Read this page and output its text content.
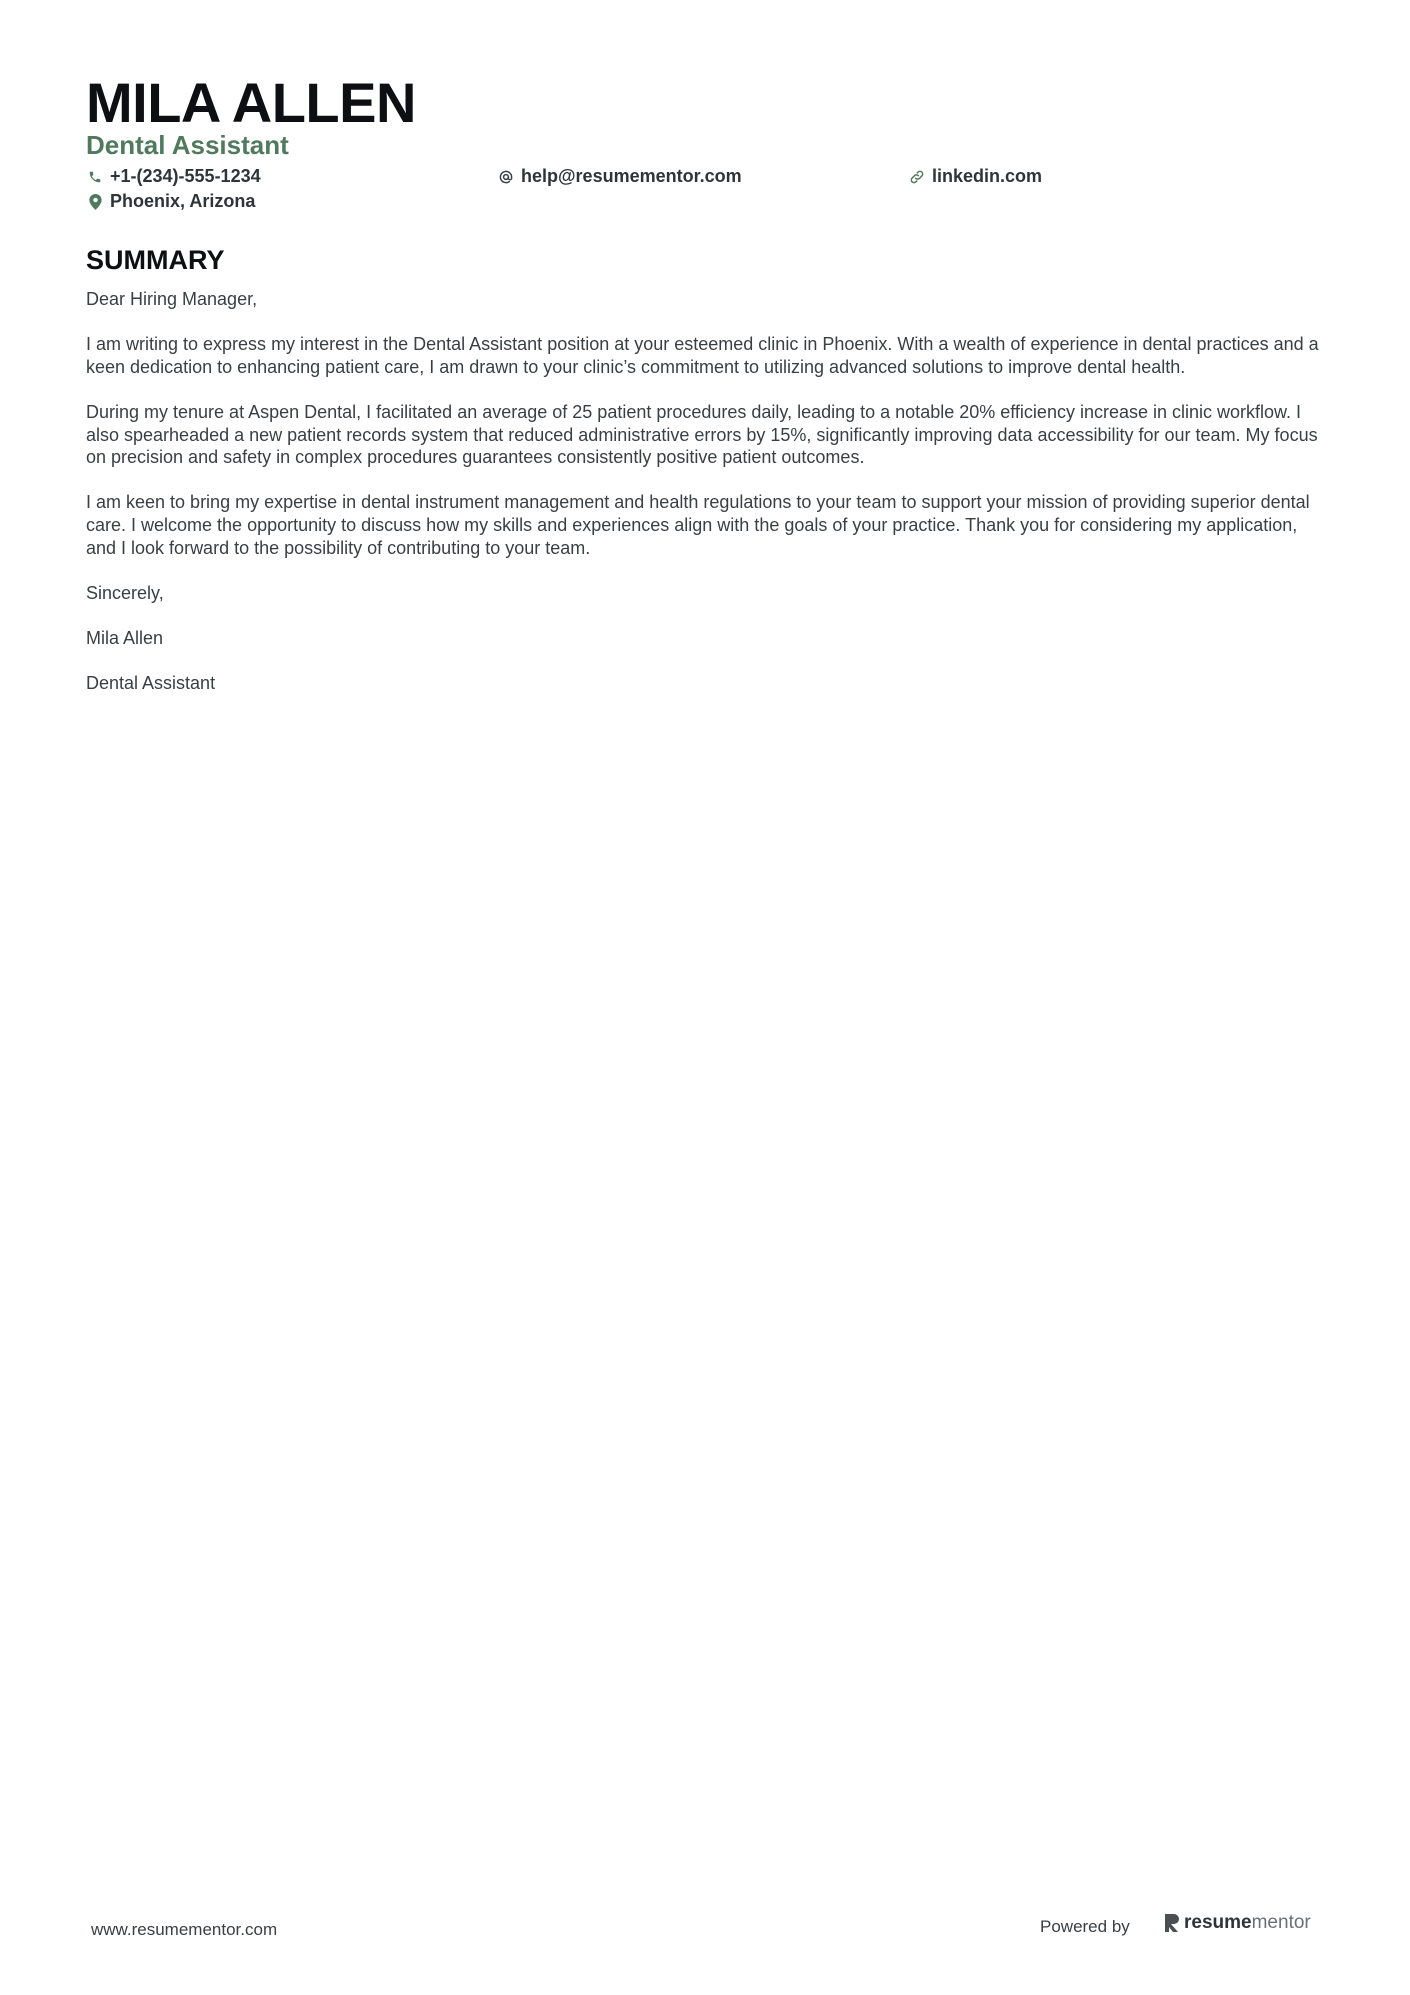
MILA ALLEN
Dental Assistant
+1-(234)-555-1234	help@resumementor.com	linkedin.com
Phoenix, Arizona
SUMMARY

Dear Hiring Manager,

I am writing to express my interest in the Dental Assistant position at your esteemed clinic in Phoenix. With a wealth of experience in dental practices and a keen dedication to enhancing patient care, I am drawn to your clinic’s commitment to utilizing advanced solutions to improve dental health.

During my tenure at Aspen Dental, I facilitated an average of 25 patient procedures daily, leading to a notable 20% efficiency increase in clinic workflow. I also spearheaded a new patient records system that reduced administrative errors by 15%, significantly improving data accessibility for our team. My focus on precision and safety in complex procedures guarantees consistently positive patient outcomes.

I am keen to bring my expertise in dental instrument management and health regulations to your team to support your mission of providing superior dental care. I welcome the opportunity to discuss how my skills and experiences align with the goals of your practice. Thank you for considering my application, and I look forward to the possibility of contributing to your team.

Sincerely,

Mila Allen

Dental Assistant

www.resumementor.com	Powered by	resumementor
